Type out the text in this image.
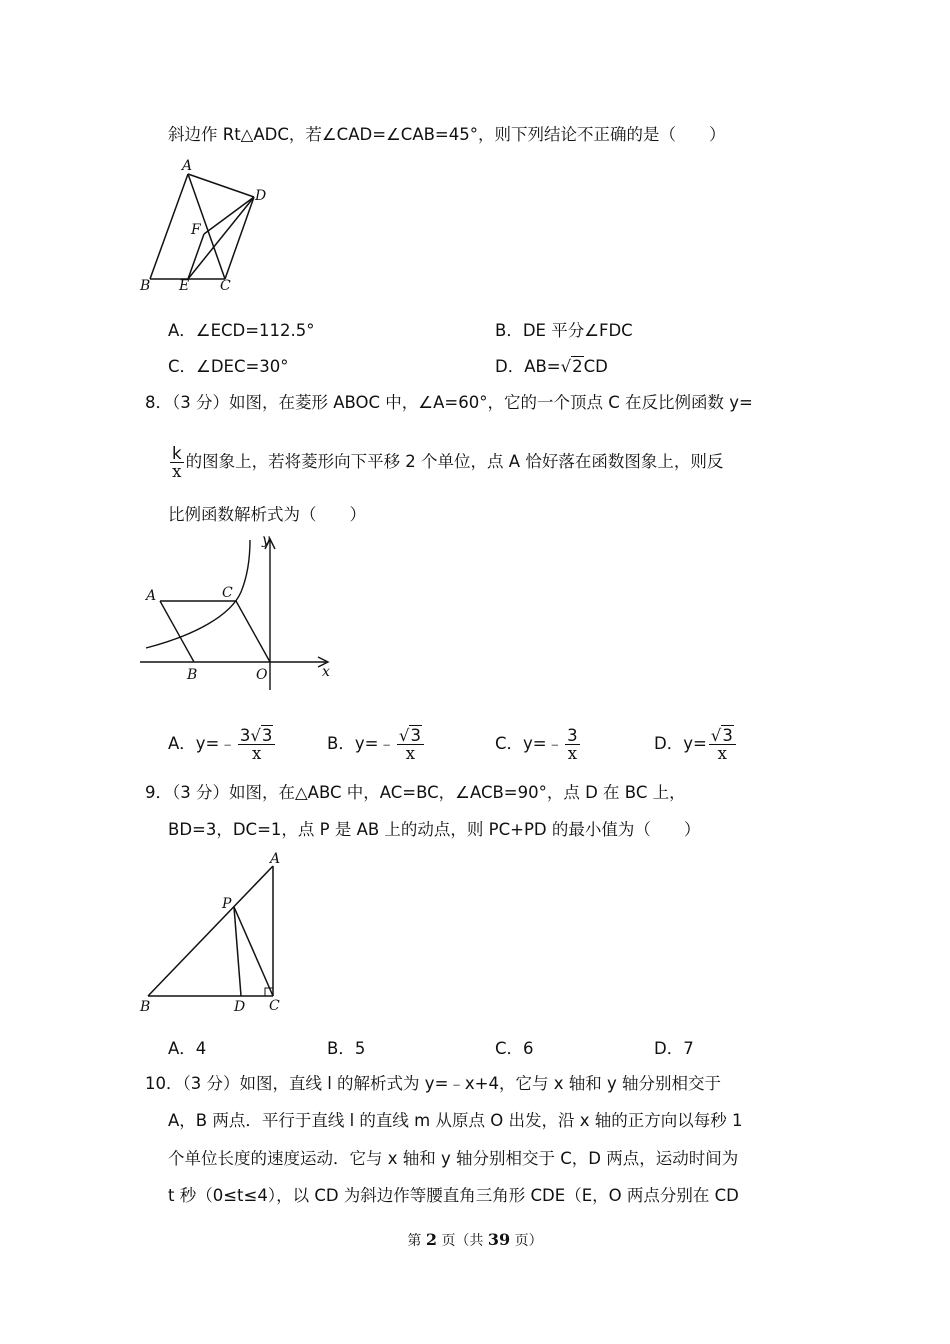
斜边作 Rt△ADC，若∠CAD=∠CAB=45°，则下列结论不正确的是（　　）
A
D
F
B E C
A．∠ECD=112.5°	B．DE 平分∠FDC
C．∠DEC=30°	D．AB=√2CD
8．（3 分）如图，在菱形 ABOC 中，∠A=60°，它的一个顶点 C 在反比例函数 y=
$\frac{k}{x}$ 的图象上，若将菱形向下平移 2 个单位，点 A 恰好落在函数图象上，则反
比例函数解析式为（　　）
y
A	C
B	O	x
A．y=﹣ $\frac{3√3}{x}$	B．y=﹣ $\frac{√3}{x}$	C．y=﹣ $\frac{3}{x}$	D．$y= \frac{√3}{x}$
9．（3 分）如图，在△ABC 中，AC=BC，∠ACB=90°，点 D 在 BC 上，
BD=3，DC=1，点 P 是 AB 上的动点，则 PC+PD 的最小值为（　　）
A
P
B	D C
A．4	B．5	C．6	D．7
10．（3 分）如图，直线 l 的解析式为 y=﹣x+4，它与 x 轴和 y 轴分别相交于
A，B 两点．平行于直线 l 的直线 m 从原点 O 出发，沿 x 轴的正方向以每秒 1
个单位长度的速度运动．它与 x 轴和 y 轴分别相交于 C，D 两点，运动时间为
t 秒（0≤t≤4），以 CD 为斜边作等腰直角三角形 CDE（E，O 两点分别在 CD
第 2 页（共 39 页）
